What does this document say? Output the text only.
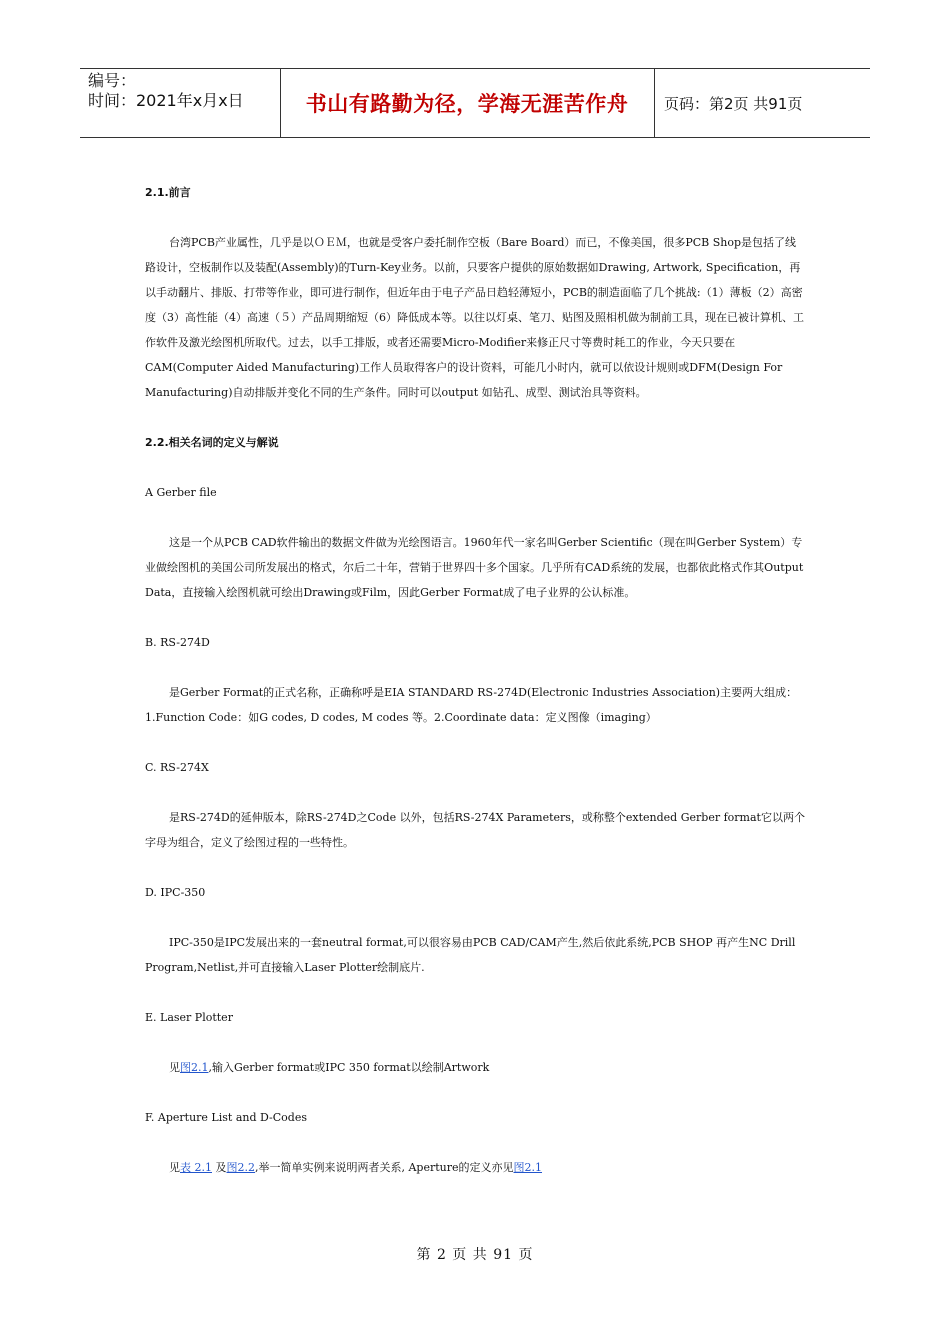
编号：
时间：2021年x月x日	书山有路勤为径，学海无涯苦作舟	页码：第2页 共91页

2.1.前言

台湾PCB产业属性，几乎是以ＯＥＭ，也就是受客户委托制作空板（Bare Board）而已，不像美国，很多PCB Shop是包括了线路设计，空板制作以及装配(Assembly)的Turn-Key业务。以前，只要客户提供的原始数据如Drawing, Artwork, Specification，再以手动翻片、排版、打带等作业，即可进行制作，但近年由于电子产品日趋轻薄短小，PCB的制造面临了几个挑战:（1）薄板（2）高密度（3）高性能（4）高速（５）产品周期缩短（6）降低成本等。以往以灯桌、笔刀、贴图及照相机做为制前工具，现在已被计算机、工作软件及激光绘图机所取代。过去，以手工排版，或者还需要Micro-Modifier来修正尺寸等费时耗工的作业，今天只要在CAM(Computer Aided Manufacturing)工作人员取得客户的设计资料，可能几小时内，就可以依设计规则或DFM(Design For Manufacturing)自动排版并变化不同的生产条件。同时可以output 如钻孔、成型、测试治具等资料。

2.2.相关名词的定义与解说

A Gerber file

这是一个从PCB CAD软件输出的数据文件做为光绘图语言。1960年代一家名叫Gerber Scientific（现在叫Gerber System）专业做绘图机的美国公司所发展出的格式，尔后二十年，营销于世界四十多个国家。几乎所有CAD系统的发展，也都依此格式作其Output Data，直接输入绘图机就可绘出Drawing或Film，因此Gerber Format成了电子业界的公认标准。

B. RS-274D

是Gerber Format的正式名称，正确称呼是EIA STANDARD RS-274D(Electronic Industries Association)主要两大组成：1.Function Code：如G codes, D codes, M codes 等。2.Coordinate data：定义图像（imaging）

C. RS-274X

是RS-274D的延伸版本，除RS-274D之Code 以外，包括RS-274X Parameters，或称整个extended Gerber format它以两个字母为组合，定义了绘图过程的一些特性。

D. IPC-350

IPC-350是IPC发展出来的一套neutral format,可以很容易由PCB CAD/CAM产生,然后依此系统,PCB SHOP 再产生NC Drill Program,Netlist,并可直接输入Laser Plotter绘制底片.

E. Laser Plotter

见图2.1,输入Gerber format或IPC 350 format以绘制Artwork

F. Aperture List and D-Codes

见表 2.1 及图2.2,举一简单实例来说明两者关系, Aperture的定义亦见图2.1

第 2 页 共 91 页
